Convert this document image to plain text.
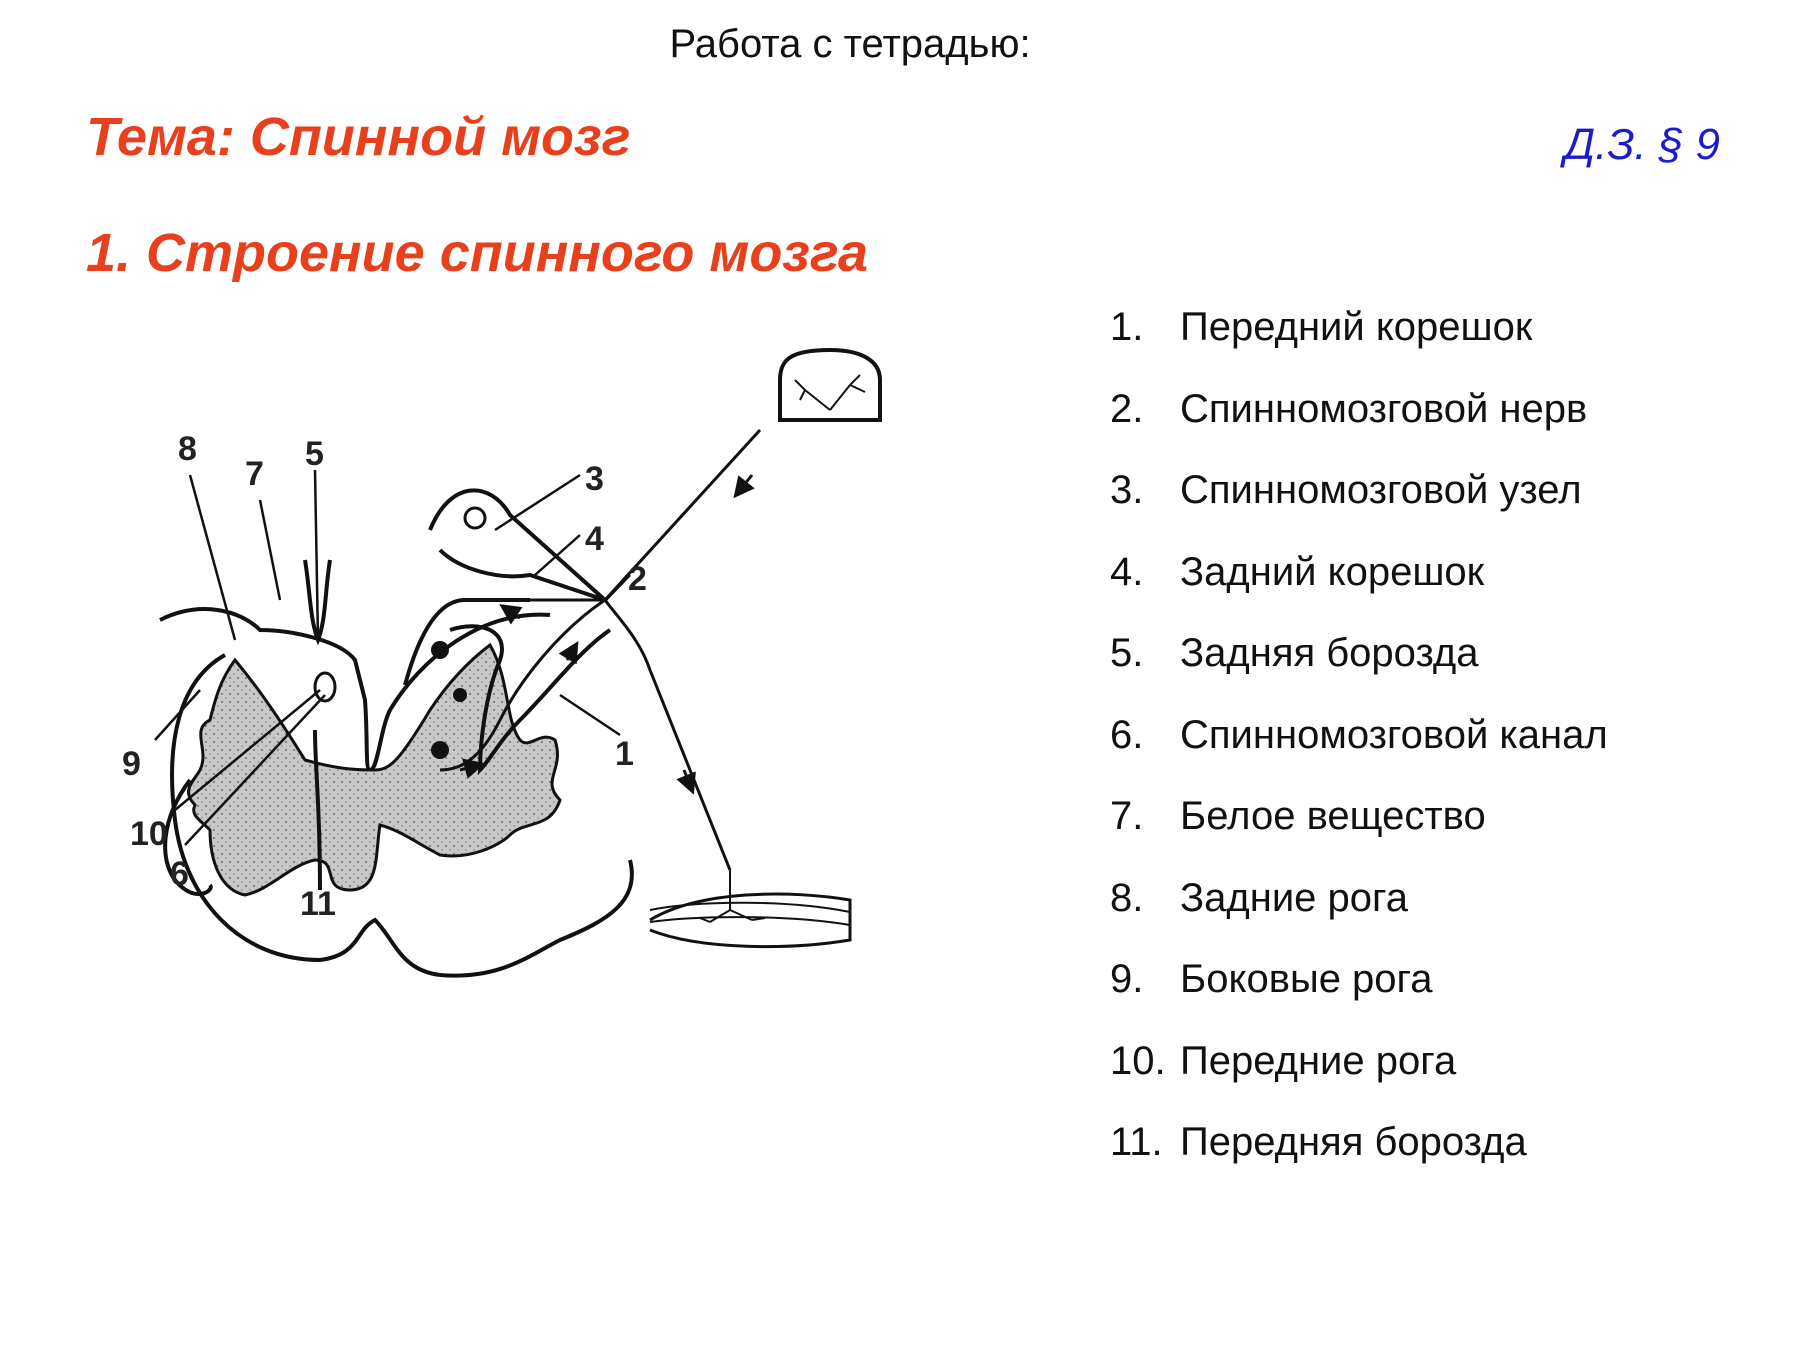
Работа с тетрадью:
Тема: Спинной мозг	Д.З. § 9
1. Строение спинного мозга
8
7
5
3
4
2
9
10
6
11
1
1. Передний корешок
2. Спинномозговой нерв
3. Спинномозговой узел
4. Задний корешок
5. Задняя борозда
6. Спинномозговой канал
7. Белое вещество
8. Задние рога
9. Боковые рога
10. Передние рога
11. Передняя борозда
